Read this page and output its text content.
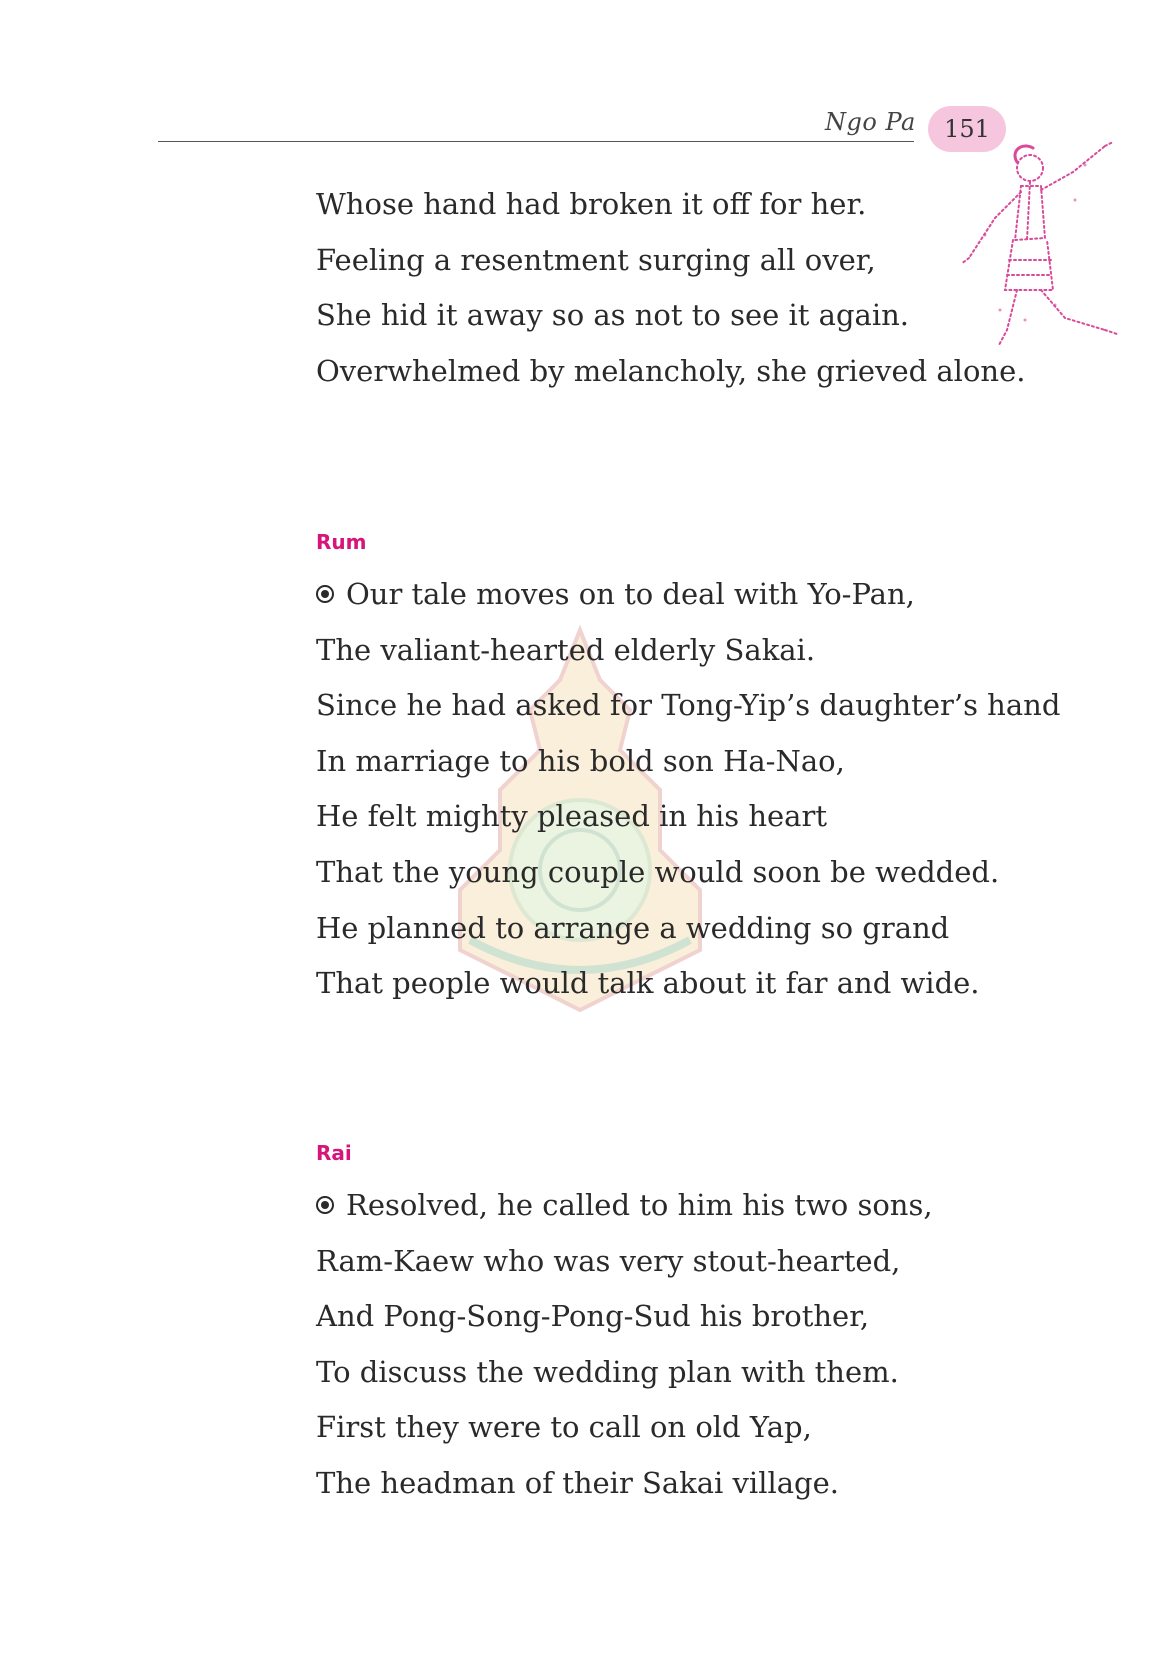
Ngo Pa 151
Whose hand had broken it off for her.
Feeling a resentment surging all over,
She hid it away so as not to see it again.
Overwhelmed by melancholy, she grieved alone.
Rum
Our tale moves on to deal with Yo-Pan,
The valiant-hearted elderly Sakai.
Since he had asked for Tong-Yip’s daughter’s hand
In marriage to his bold son Ha-Nao,
He felt mighty pleased in his heart
That the young couple would soon be wedded.
He planned to arrange a wedding so grand
That people would talk about it far and wide.
Rai
Resolved, he called to him his two sons,
Ram-Kaew who was very stout-hearted,
And Pong-Song-Pong-Sud his brother,
To discuss the wedding plan with them.
First they were to call on old Yap,
The headman of their Sakai village.
